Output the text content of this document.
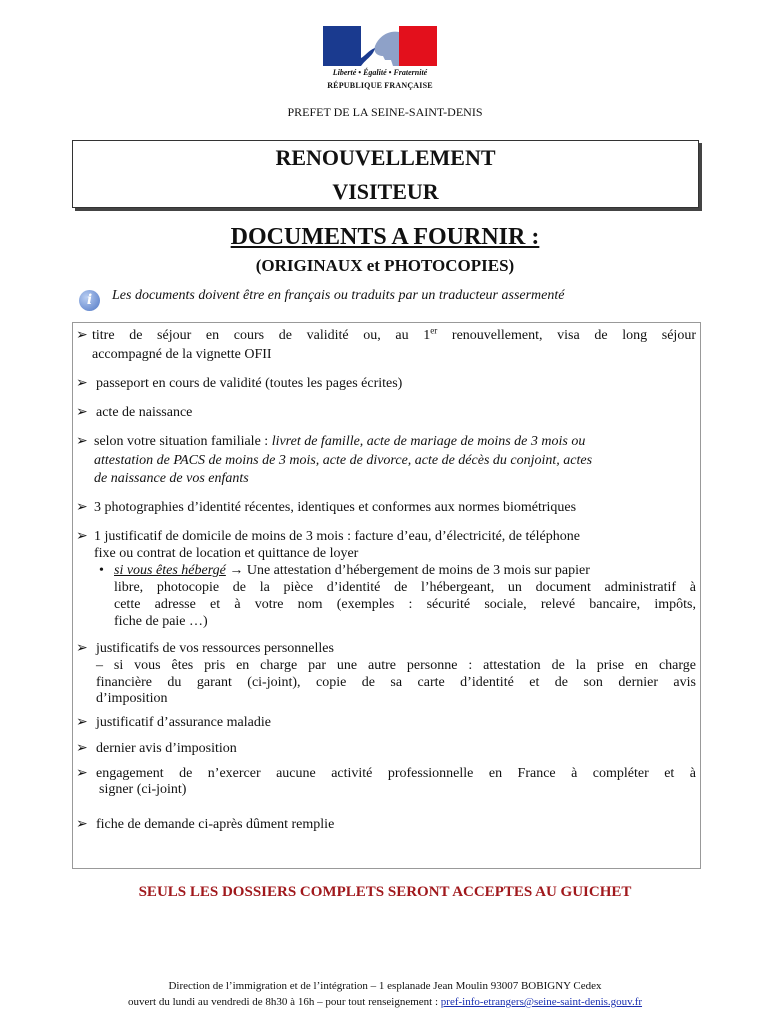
Liberté • Égalité • Fraternité
RÉPUBLIQUE FRANÇAISE
PREFET DE LA SEINE-SAINT-DENIS
RENOUVELLEMENT
VISITEUR
DOCUMENTS A FOURNIR :
(ORIGINAUX et PHOTOCOPIES)
i	Les documents doivent être en français ou traduits par un traducteur assermenté
➢ titre de séjour en cours de validité ou, au 1er renouvellement, visa de long séjour
accompagné de la vignette OFII
➢ passeport en cours de validité (toutes les pages écrites)
➢ acte de naissance
➢ selon votre situation familiale : livret de famille, acte de mariage de moins de 3 mois ou
attestation de PACS de moins de 3 mois, acte de divorce, acte de décès du conjoint, actes
de naissance de vos enfants
➢ 3 photographies d’identité récentes, identiques et conformes aux normes biométriques
➢ 1 justificatif de domicile de moins de 3 mois : facture d’eau, d’électricité, de téléphone
fixe ou contrat de location et quittance de loyer
• si vous êtes hébergé → Une attestation d’hébergement de moins de 3 mois sur papier
libre, photocopie de la pièce d’identité de l’hébergeant, un document administratif à
cette adresse et à votre nom (exemples : sécurité sociale, relevé bancaire, impôts,
fiche de paie …)
➢ justificatifs de vos ressources personnelles
– si vous êtes pris en charge par une autre personne : attestation de la prise en charge
financière du garant (ci-joint), copie de sa carte d’identité et de son dernier avis
d’imposition
➢ justificatif d’assurance maladie
➢ dernier avis d’imposition
➢ engagement de n’exercer aucune activité professionnelle en France à compléter et à
signer (ci-joint)
➢ fiche de demande ci-après dûment remplie
SEULS LES DOSSIERS COMPLETS SERONT ACCEPTES AU GUICHET
Direction de l’immigration et de l’intégration – 1 esplanade Jean Moulin 93007 BOBIGNY Cedex
ouvert du lundi au vendredi de 8h30 à 16h – pour tout renseignement : pref-info-etrangers@seine-saint-denis.gouv.fr
